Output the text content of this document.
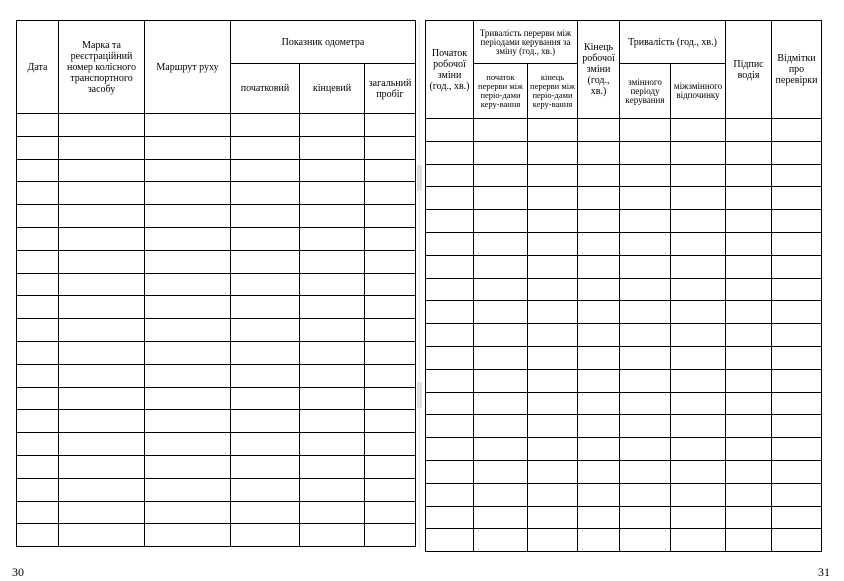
Дата	Марка та реєстраційний номер колісного транспортного засобу	Маршрут руху	Показник одометра		
			початковий	кінцевий	загальний пробіг

Початок робочої зміни (год., хв.)	Тривалість перерви між періодами керування за зміну (год., хв.)		Кінець робочої зміни (год., хв.)	Тривалість (год., хв.)		Підпис водія	Відмітки про перевірки
	початок перерви між періо-дами керу-вання	кінець перерви між періо-дами керу-вання		змінного періоду керування	міжзмінного відпочинку		

30	31
